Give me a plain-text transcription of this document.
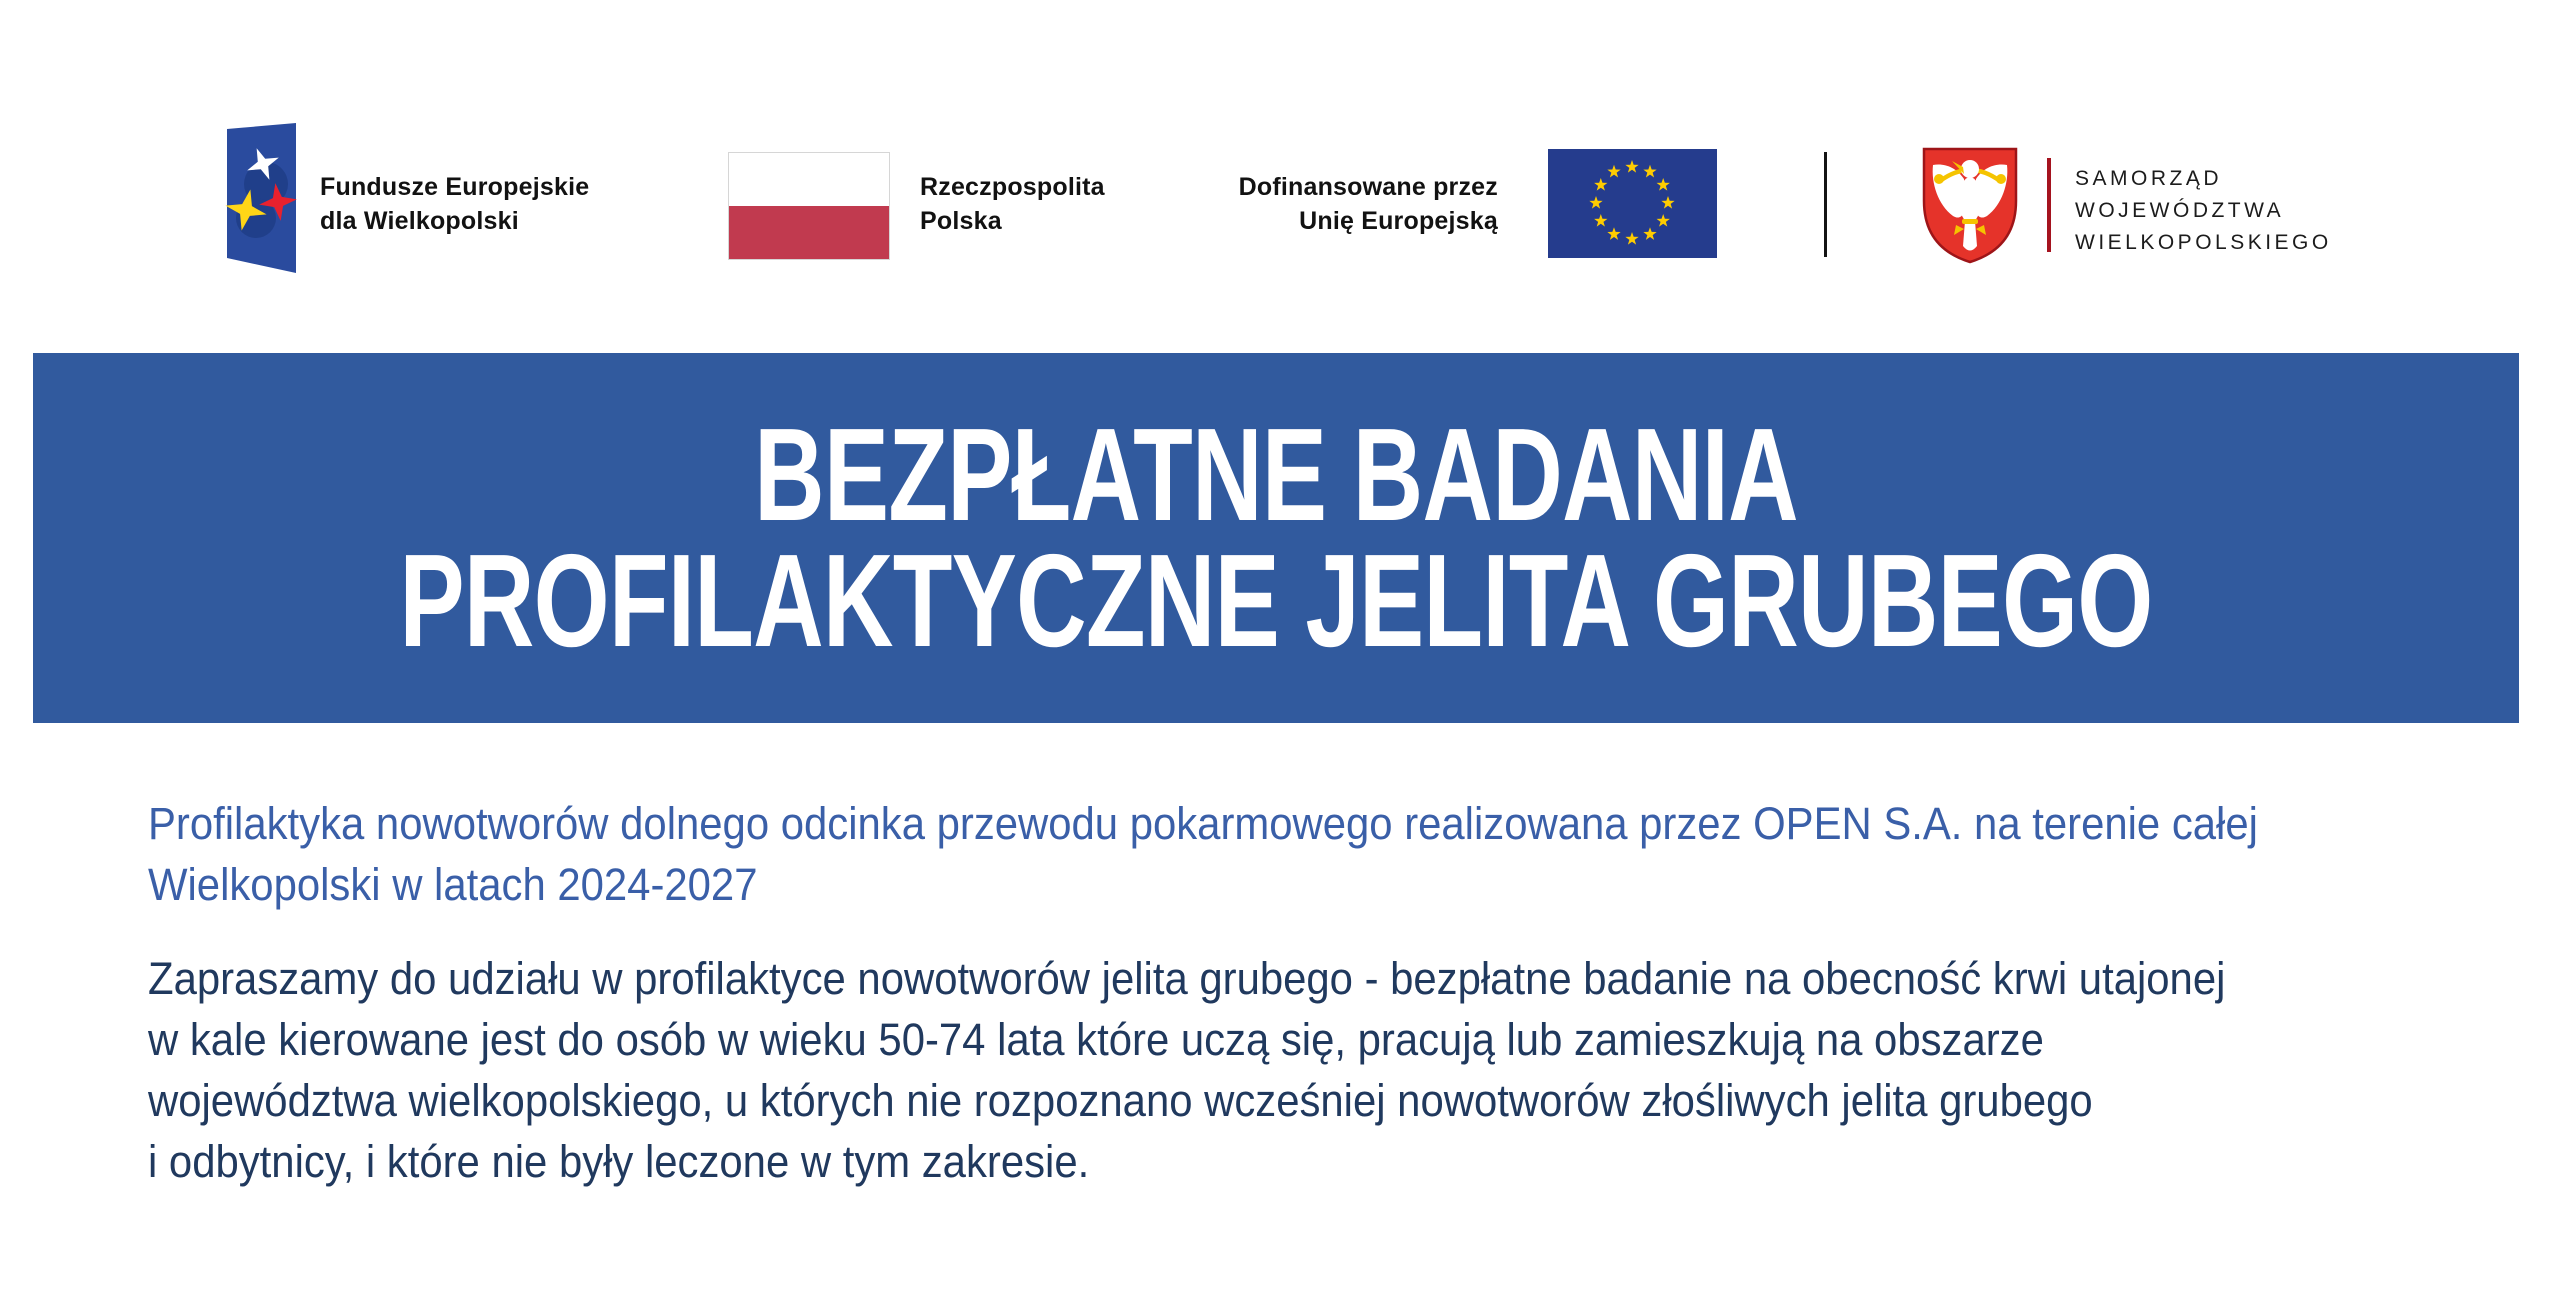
Fundusze Europejskie
dla Wielkopolski
Rzeczpospolita
Polska
Dofinansowane przez
Unię Europejską
SAMORZĄD
WOJEWÓDZTWA
WIELKOPOLSKIEGO
BEZPŁATNE BADANIA
PROFILAKTYCZNE JELITA GRUBEGO
Profilaktyka nowotworów dolnego odcinka przewodu pokarmowego realizowana przez OPEN S.A. na terenie całej
Wielkopolski w latach 2024-2027
Zapraszamy do udziału w profilaktyce nowotworów jelita grubego - bezpłatne badanie na obecność krwi utajonej
w kale kierowane jest do osób w wieku 50-74 lata które uczą się, pracują lub zamieszkują na obszarze
województwa wielkopolskiego, u których nie rozpoznano wcześniej nowotworów złośliwych jelita grubego
i odbytnicy, i które nie były leczone w tym zakresie.
